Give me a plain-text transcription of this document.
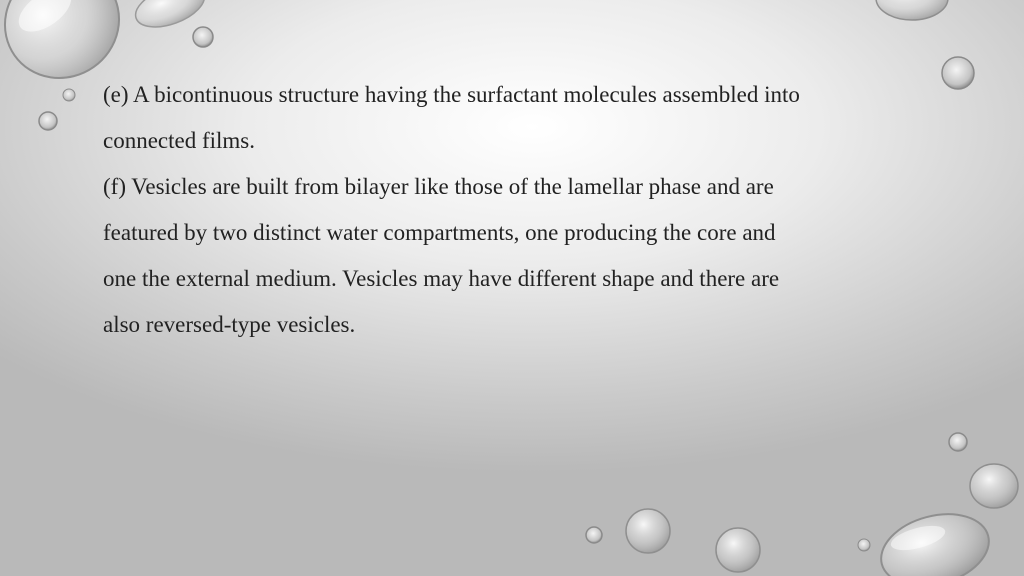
(e) A bicontinuous structure having the surfactant molecules assembled into
connected films.

(f) Vesicles are built from bilayer like those of the lamellar phase and are
featured by two distinct water compartments, one producing the core and
one the external medium. Vesicles may have different shape and there are
also reversed-type vesicles.
